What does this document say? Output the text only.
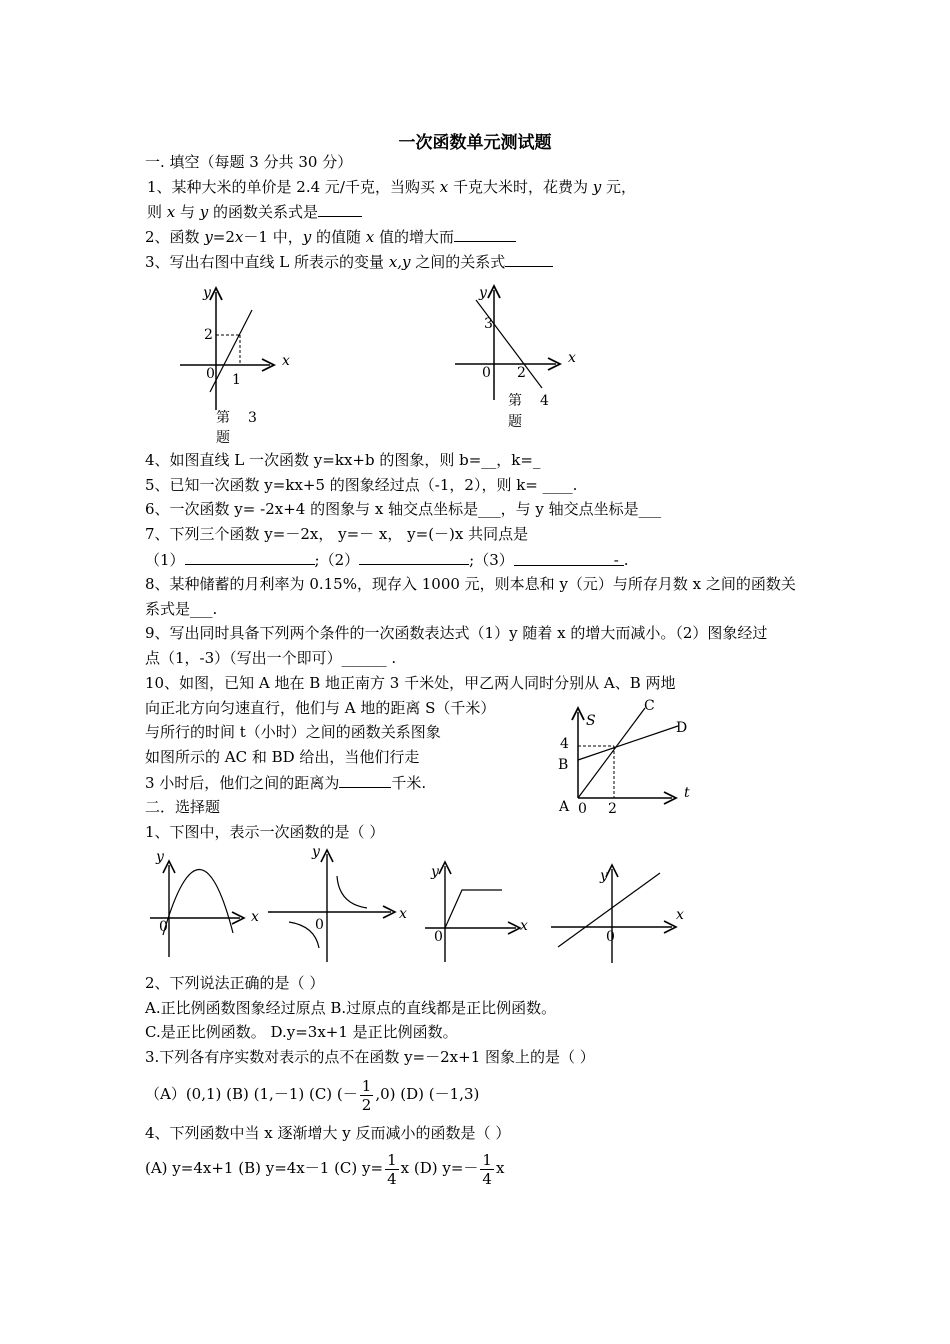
一次函数单元测试题
一. 填空（每题 3 分共 30 分）
1、某种大米的单价是 2.4 元/千克，当购买 x 千克大米时，花费为 y 元，
则 x 与 y 的函数关系式是
2、函数 y=2x－1 中，y 的值随 x 值的增大而
3、写出右图中直线 L 所表示的变量 x,y 之间的关系式
y
x
0
2
1
第 3
题
y
x
0
3
2
第 4
题
4、如图直线 L 一次函数 y=kx+b 的图象，则 b=__，k=_
5、已知一次函数 y=kx+5 的图象经过点（-1，2），则 k= ____.
6、一次函数 y= -2x+4 的图象与 x 轴交点坐标是___，与 y 轴交点坐标是___
7、下列三个函数 y=－2x， y=－ x， y=(－)x 共同点是
（1）	;（2）	;（3）	- .
8、某种储蓄的月利率为 0.15%，现存入 1000 元，则本息和 y（元）与所存月数 x 之间的函数关
系式是___.
9、写出同时具备下列两个条件的一次函数表达式（1）y 随着 x 的增大而减小。（2）图象经过
点（1，-3）（写出一个即可）______ .
10、如图，已知 A 地在 B 地正南方 3 千米处，甲乙两人同时分别从 A、B 两地
向正北方向匀速直行，他们与 A 地的距离 S（千米）
与所行的时间 t（小时）之间的函数关系图象
如图所示的 AC 和 BD 给出，当他们行走
3 小时后，他们之间的距离为	千米.
S
t
C
D
4
B
A 0 2
二．选择题
1、下图中，表示一次函数的是（ ）
y
x
0
y
x
0
y
x
0
y
x
0
2、下列说法正确的是（ ）
A.正比例函数图象经过原点 B.过原点的直线都是正比例函数。
C.是正比例函数。 D.y=3x+1 是正比例函数。
3.下列各有序实数对表示的点不在函数 y=－2x+1 图象上的是（ ）
（A）(0,1) (B) (1,－1) (C) (－ $\frac{1}{2} ,0$) (D) (－1,3)
4、下列函数中当 x 逐渐增大 y 反而减小的函数是（ ）
(A) y=4x+1 (B) y=4x－1 (C) $y= \frac{1}{4}$ x (D) $y=- \frac{1}{4}$ x
